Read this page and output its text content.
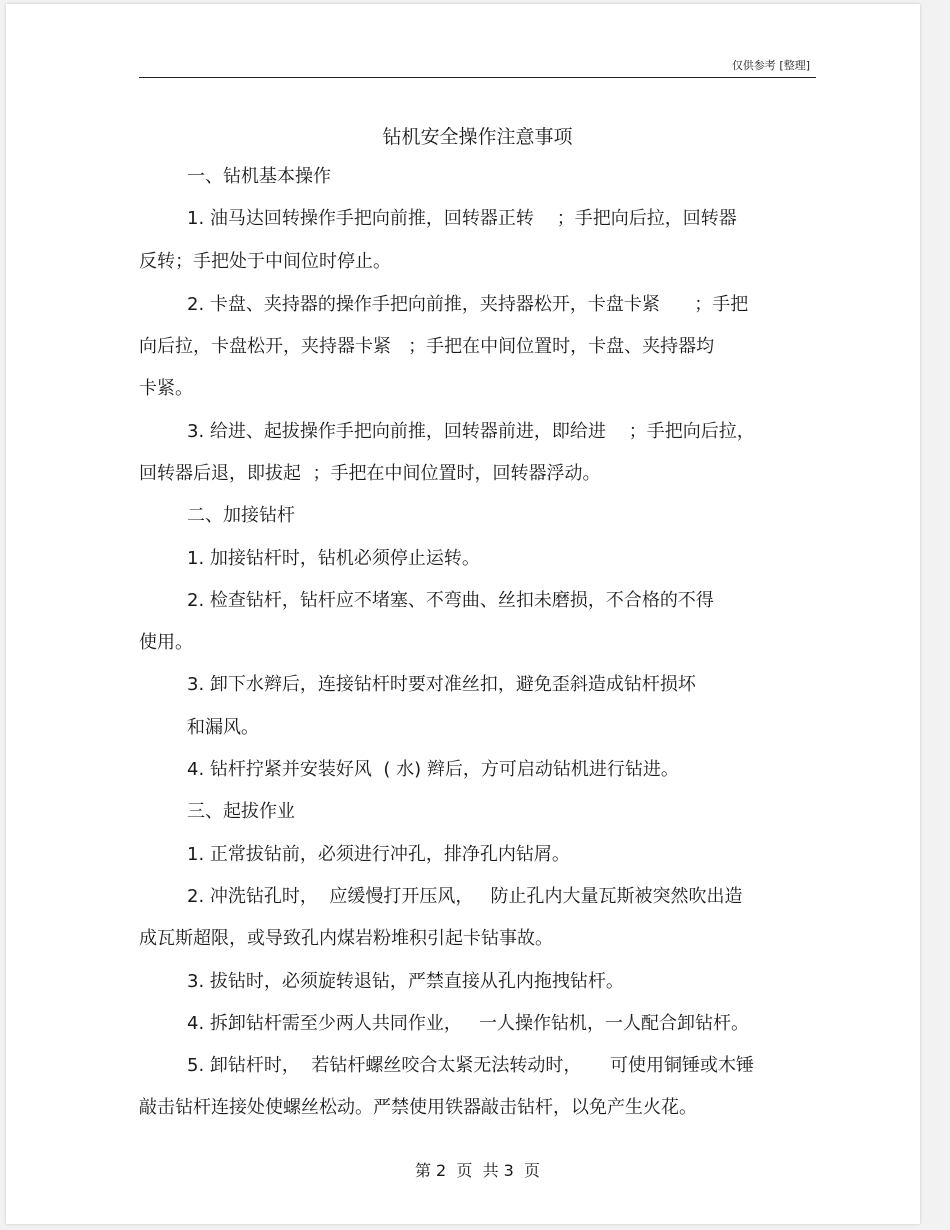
仅供参考 [整理]
钻机安全操作注意事项
一、钻机基本操作
1. 油马达回转操作手把向前推，回转器正转    ；手把向后拉，回转器
反转；手把处于中间位时停止。
2. 卡盘、夹持器的操作手把向前推，夹持器松开，卡盘卡紧      ；手把
向后拉，卡盘松开，夹持器卡紧   ；手把在中间位置时，卡盘、夹持器均
卡紧。
3. 给进、起拔操作手把向前推，回转器前进，即给进    ；手把向后拉，
回转器后退，即拔起  ；手把在中间位置时，回转器浮动。
二、加接钻杆
1. 加接钻杆时，钻机必须停止运转。
2. 检查钻杆，钻杆应不堵塞、不弯曲、丝扣未磨损，不合格的不得
使用。
3. 卸下水辫后，连接钻杆时要对准丝扣，避免歪斜造成钻杆损坏
和漏风。
4. 钻杆拧紧并安装好风  ( 水) 辫后，方可启动钻机进行钻进。
三、起拔作业
1. 正常拔钻前，必须进行冲孔，排净孔内钻屑。
2. 冲洗钻孔时，  应缓慢打开压风，   防止孔内大量瓦斯被突然吹出造
成瓦斯超限，或导致孔内煤岩粉堆积引起卡钻事故。
3. 拔钻时，必须旋转退钻，严禁直接从孔内拖拽钻杆。
4. 拆卸钻杆需至少两人共同作业，   一人操作钻机，一人配合卸钻杆。
5. 卸钻杆时，  若钻杆螺丝咬合太紧无法转动时，     可使用铜锤或木锤
敲击钻杆连接处使螺丝松动。严禁使用铁器敲击钻杆，以免产生火花。
第 2  页  共 3  页
